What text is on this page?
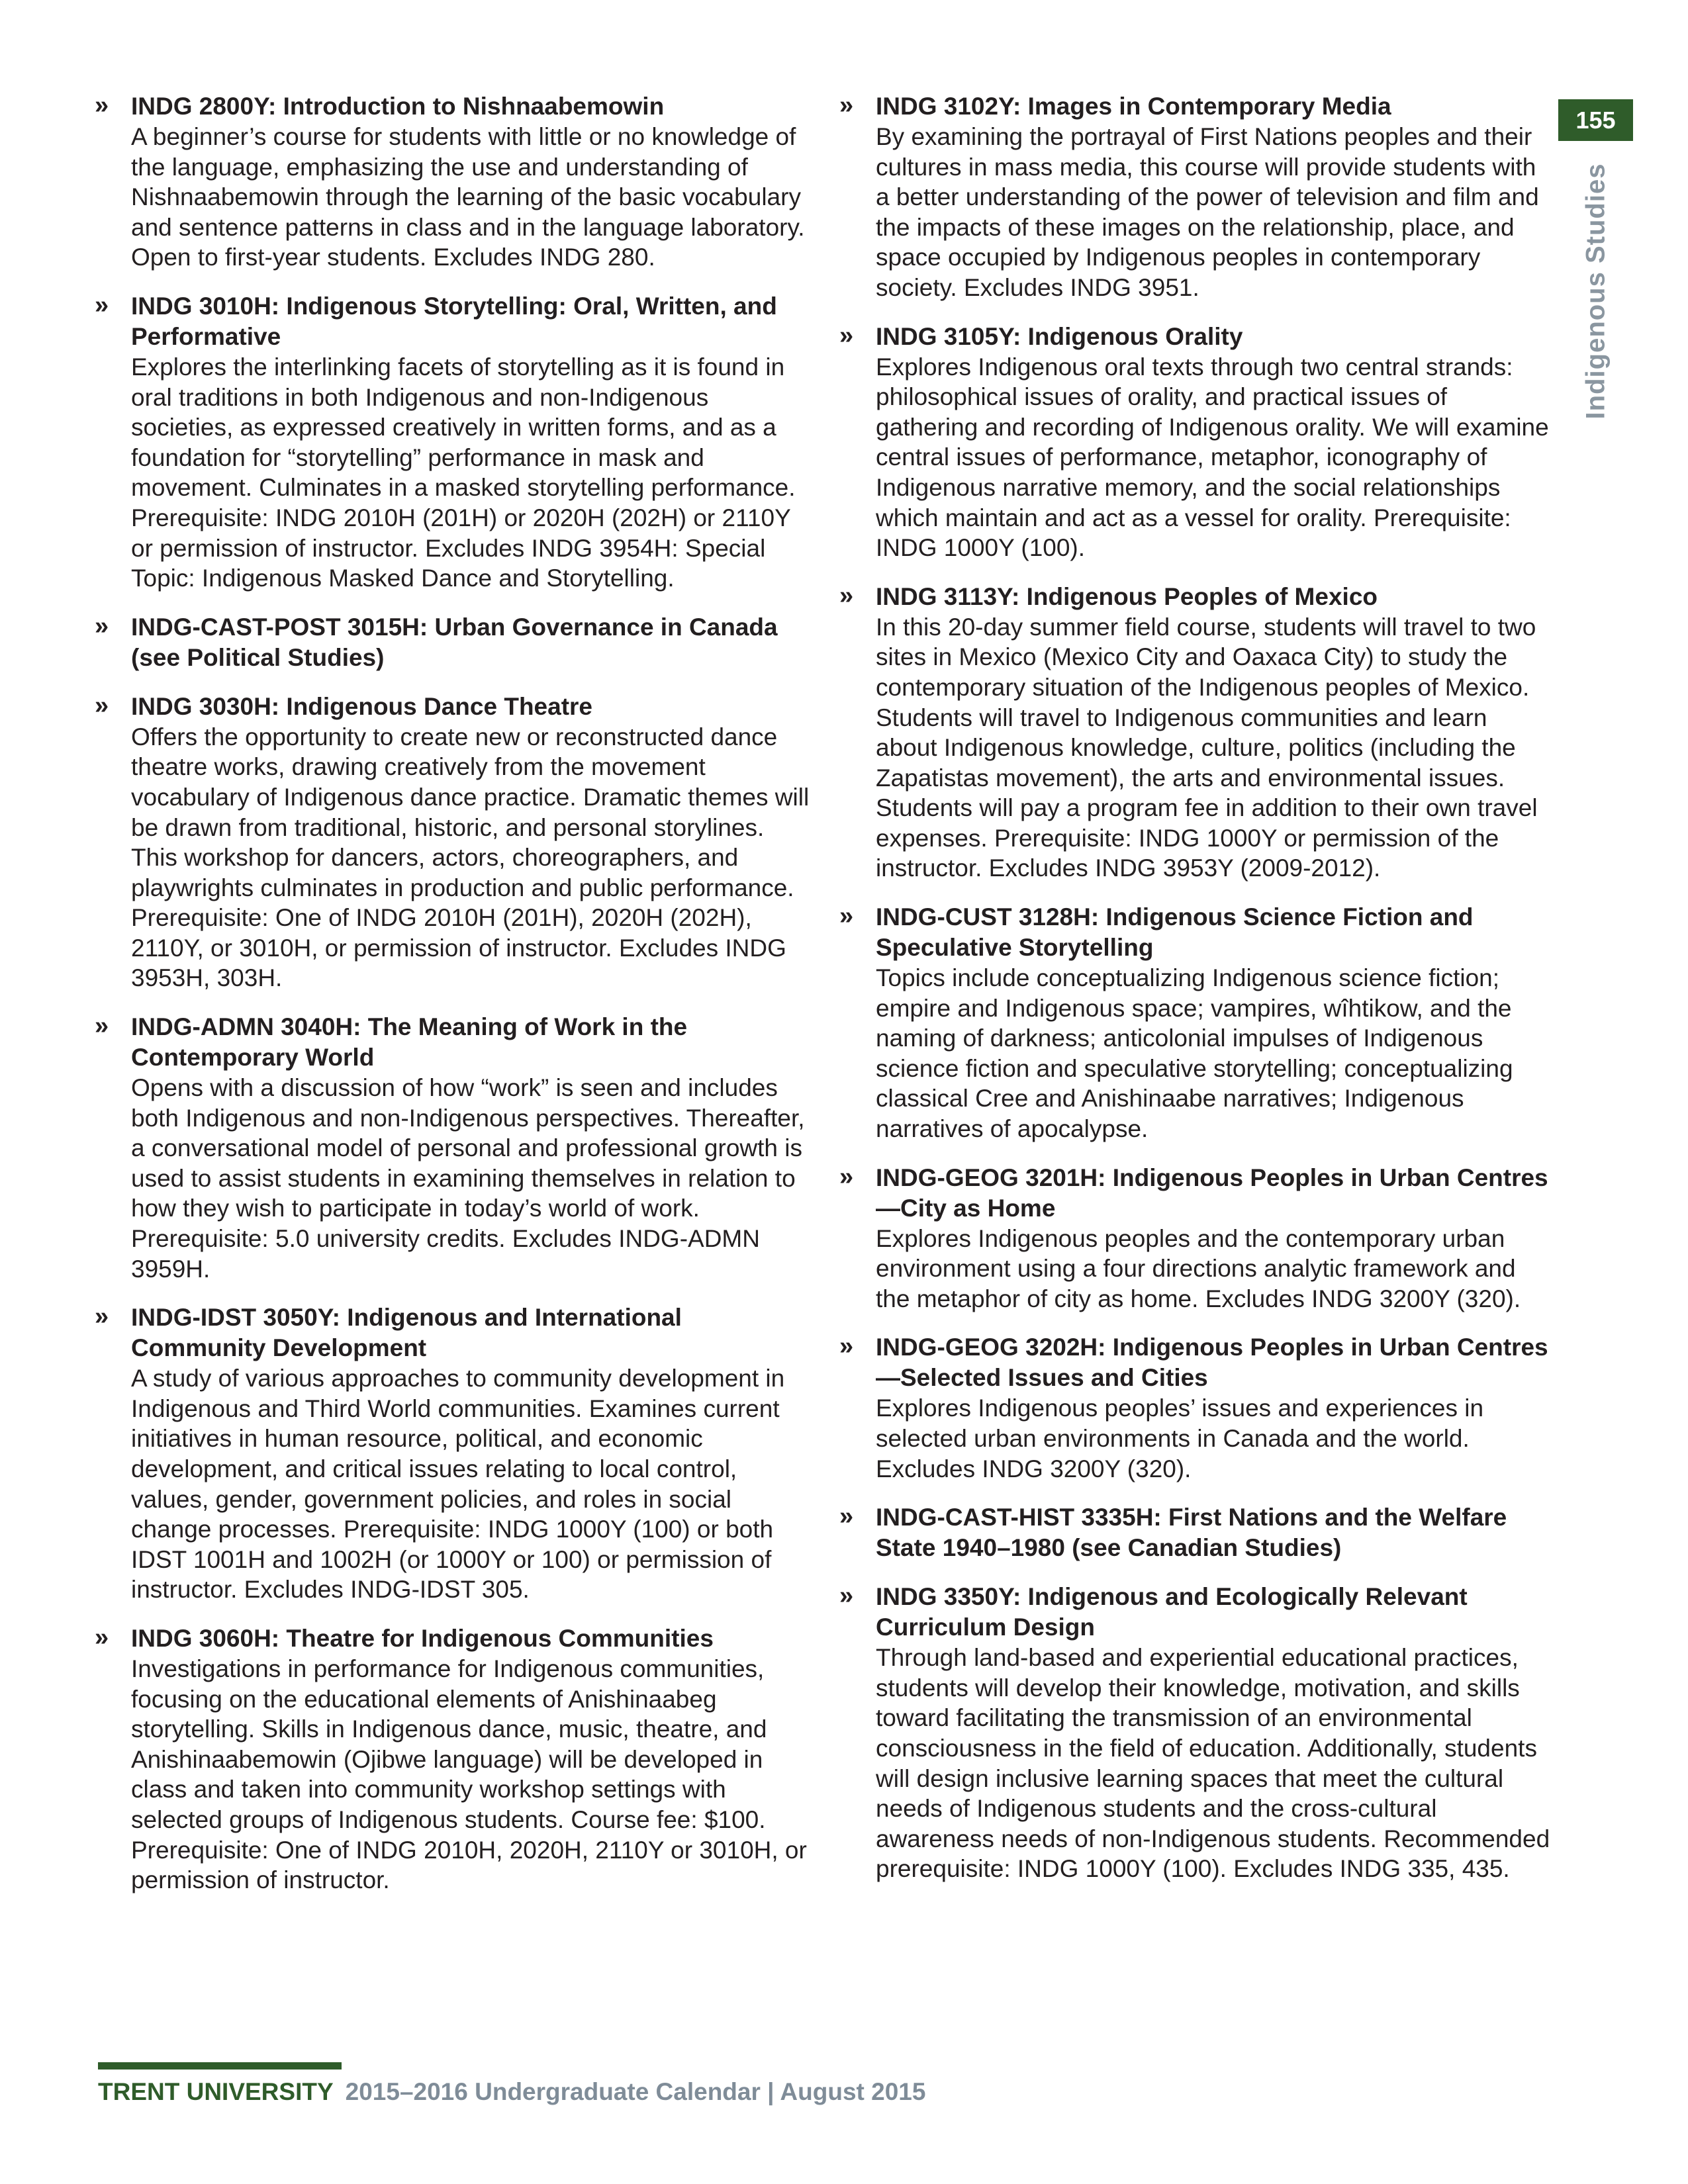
» INDG 2800Y: Introduction to Nishnaabemowin

A beginner’s course for students with little or no knowledge of the language, emphasizing the use and understanding of Nishnaabemowin through the learning of the basic vocabulary and sentence patterns in class and in the language laboratory. Open to first-year students. Excludes INDG 280.

» INDG 3010H: Indigenous Storytelling: Oral, Written, and Performative

Explores the interlinking facets of storytelling as it is found in oral traditions in both Indigenous and non-Indigenous societies, as expressed creatively in written forms, and as a foundation for “storytelling” performance in mask and movement. Culminates in a masked storytelling performance. Prerequisite: INDG 2010H (201H) or 2020H (202H) or 2110Y or permission of instructor. Excludes INDG 3954H: Special Topic: Indigenous Masked Dance and Storytelling.

» INDG-CAST-POST 3015H: Urban Governance in Canada (see Political Studies)

» INDG 3030H: Indigenous Dance Theatre

Offers the opportunity to create new or reconstructed dance theatre works, drawing creatively from the movement vocabulary of Indigenous dance practice. Dramatic themes will be drawn from traditional, historic, and personal storylines. This workshop for dancers, actors, choreographers, and playwrights culminates in production and public performance. Prerequisite: One of INDG 2010H (201H), 2020H (202H), 2110Y, or 3010H, or permission of instructor. Excludes INDG 3953H, 303H.

» INDG-ADMN 3040H: The Meaning of Work in the Contemporary World

Opens with a discussion of how “work” is seen and includes both Indigenous and non-Indigenous perspectives. Thereafter, a conversational model of personal and professional growth is used to assist students in examining themselves in relation to how they wish to participate in today’s world of work. Prerequisite: 5.0 university credits. Excludes INDG-ADMN 3959H.

» INDG-IDST 3050Y: Indigenous and International Community Development

A study of various approaches to community development in Indigenous and Third World communities. Examines current initiatives in human resource, political, and economic development, and critical issues relating to local control, values, gender, government policies, and roles in social change processes. Prerequisite: INDG 1000Y (100) or both IDST 1001H and 1002H (or 1000Y or 100) or permission of instructor. Excludes INDG-IDST 305.

» INDG 3060H: Theatre for Indigenous Communities

Investigations in performance for Indigenous communities, focusing on the educational elements of Anishinaabeg storytelling. Skills in Indigenous dance, music, theatre, and Anishinaabemowin (Ojibwe language) will be developed in class and taken into community workshop settings with selected groups of Indigenous students. Course fee: $100. Prerequisite: One of INDG 2010H, 2020H, 2110Y or 3010H, or permission of instructor.

» INDG 3102Y: Images in Contemporary Media

By examining the portrayal of First Nations peoples and their cultures in mass media, this course will provide students with a better understanding of the power of television and film and the impacts of these images on the relationship, place, and space occupied by Indigenous peoples in contemporary society. Excludes INDG 3951.

» INDG 3105Y: Indigenous Orality

Explores Indigenous oral texts through two central strands: philosophical issues of orality, and practical issues of gathering and recording of Indigenous orality. We will examine central issues of performance, metaphor, iconography of Indigenous narrative memory, and the social relationships which maintain and act as a vessel for orality. Prerequisite: INDG 1000Y (100).

» INDG 3113Y: Indigenous Peoples of Mexico

In this 20-day summer field course, students will travel to two sites in Mexico (Mexico City and Oaxaca City) to study the contemporary situation of the Indigenous peoples of Mexico. Students will travel to Indigenous communities and learn about Indigenous knowledge, culture, politics (including the Zapatistas movement), the arts and environmental issues. Students will pay a program fee in addition to their own travel expenses. Prerequisite: INDG 1000Y or permission of the instructor. Excludes INDG 3953Y (2009-2012).

» INDG-CUST 3128H: Indigenous Science Fiction and Speculative Storytelling

Topics include conceptualizing Indigenous science fiction; empire and Indigenous space; vampires, wîhtikow, and the naming of darkness; anticolonial impulses of Indigenous science fiction and speculative storytelling; conceptualizing classical Cree and Anishinaabe narratives; Indigenous narratives of apocalypse.

» INDG-GEOG 3201H: Indigenous Peoples in Urban Centres—City as Home

Explores Indigenous peoples and the contemporary urban environment using a four directions analytic framework and the metaphor of city as home. Excludes INDG 3200Y (320).

» INDG-GEOG 3202H: Indigenous Peoples in Urban Centres—Selected Issues and Cities

Explores Indigenous peoples’ issues and experiences in selected urban environments in Canada and the world. Excludes INDG 3200Y (320).

» INDG-CAST-HIST 3335H: First Nations and the Welfare State 1940–1980 (see Canadian Studies)

» INDG 3350Y: Indigenous and Ecologically Relevant Curriculum Design

Through land-based and experiential educational practices, students will develop their knowledge, motivation, and skills toward facilitating the transmission of an environmental consciousness in the field of education. Additionally, students will design inclusive learning spaces that meet the cultural needs of Indigenous students and the cross-cultural awareness needs of non-Indigenous students. Recommended prerequisite: INDG 1000Y (100). Excludes INDG 335, 435.

155
Indigenous Studies
TRENT UNIVERSITY 2015–2016 Undergraduate Calendar | August 2015
